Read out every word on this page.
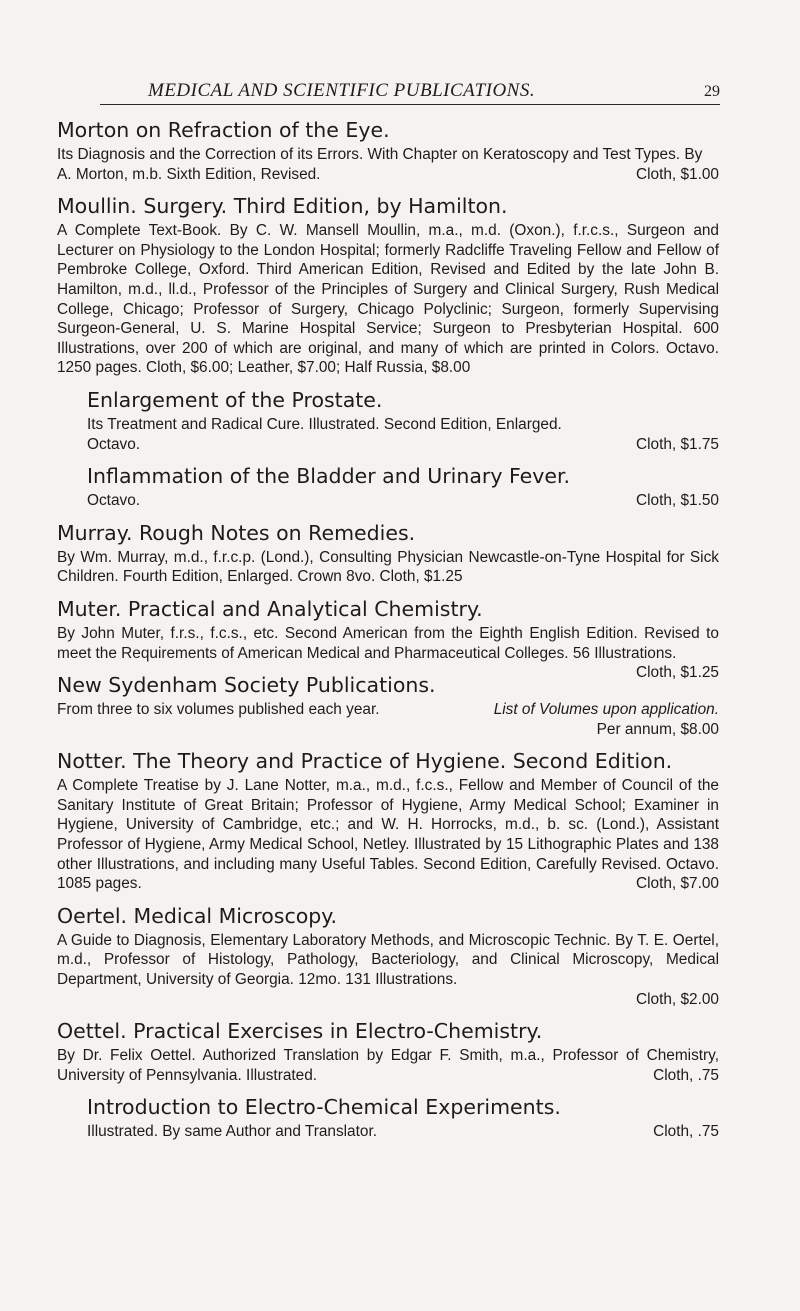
MEDICAL AND SCIENTIFIC PUBLICATIONS.	29
Morton on Refraction of the Eye.
Its Diagnosis and the Correction of its Errors. With Chapter on Keratoscopy and Test Types. By A. Morton, m.b. Sixth Edition, Revised.	Cloth, $1.00
Moullin. Surgery. Third Edition, by Hamilton.

A Complete Text-Book. By C. W. Mansell Moullin, m.a., m.d. (Oxon.), f.r.c.s., Surgeon and Lecturer on Physiology to the London Hospital; formerly Radcliffe Traveling Fellow and Fellow of Pembroke College, Oxford. Third American Edition, Revised and Edited by the late John B. Hamilton, m.d., ll.d., Professor of the Principles of Surgery and Clinical Surgery, Rush Medical College, Chicago; Professor of Surgery, Chicago Polyclinic; Surgeon, formerly Supervising Surgeon-General, U. S. Marine Hospital Service; Surgeon to Presbyterian Hospital. 600 Illustrations, over 200 of which are original, and many of which are printed in Colors. Octavo. 1250 pages. Cloth, $6.00; Leather, $7.00; Half Russia, $8.00

Enlargement of the Prostate.

Its Treatment and Radical Cure. Illustrated. Second Edition, Enlarged.

Octavo.	Cloth, $1.75
Inflammation of the Bladder and Urinary Fever.
Octavo.	Cloth, $1.50
Murray. Rough Notes on Remedies.

By Wm. Murray, m.d., f.r.c.p. (Lond.), Consulting Physician Newcastle-on-Tyne Hospital for Sick Children. Fourth Edition, Enlarged. Crown 8vo. Cloth, $1.25

Muter. Practical and Analytical Chemistry.

By John Muter, f.r.s., f.c.s., etc. Second American from the Eighth English Edition. Revised to meet the Requirements of American Medical and Pharmaceutical Colleges. 56 Illustrations.
Cloth, $1.25

New Sydenham Society Publications.
From three to six volumes published each year.	List of Volumes upon application.

Per annum, $8.00

Notter. The Theory and Practice of Hygiene. Second Edition.

A Complete Treatise by J. Lane Notter, m.a., m.d., f.c.s., Fellow and Member of Council of the Sanitary Institute of Great Britain; Professor of Hygiene, Army Medical School; Examiner in Hygiene, University of Cambridge, etc.; and W. H. Horrocks, m.d., b. sc. (Lond.), Assistant Professor of Hygiene, Army Medical School, Netley. Illustrated by 15 Lithographic Plates and 138 other Illustrations, and including many Useful Tables. Second Edition, Carefully Revised. Octavo. 1085 pages.	Cloth, $7.00

Oertel. Medical Microscopy.

A Guide to Diagnosis, Elementary Laboratory Methods, and Microscopic Technic. By T. E. Oertel, m.d., Professor of Histology, Pathology, Bacteriology, and Clinical Microscopy, Medical Department, University of Georgia. 12mo. 131 Illustrations.

Cloth, $2.00

Oettel. Practical Exercises in Electro-Chemistry.

By Dr. Felix Oettel. Authorized Translation by Edgar F. Smith, m.a., Professor of Chemistry, University of Pennsylvania. Illustrated.	Cloth, .75

Introduction to Electro-Chemical Experiments.
Illustrated. By same Author and Translator.	Cloth, .75
